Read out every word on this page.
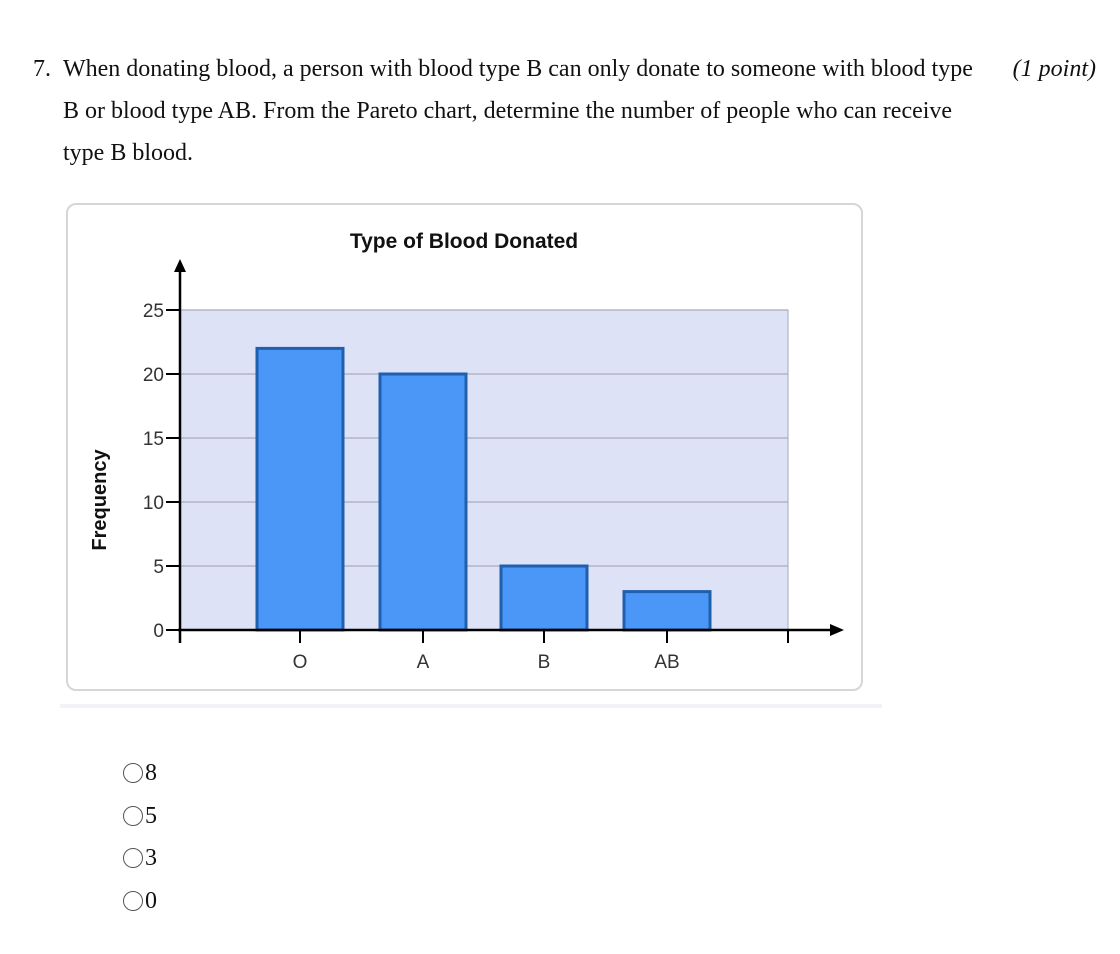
7. When donating blood, a person with blood type B can only donate to someone with blood type B or blood type AB. From the Pareto chart, determine the number of people who can receive type B blood.

(1 point)
0
5
10
15
20
25
O	A	B	AB
Type of Blood Donated
Frequency
8
5
3
0
